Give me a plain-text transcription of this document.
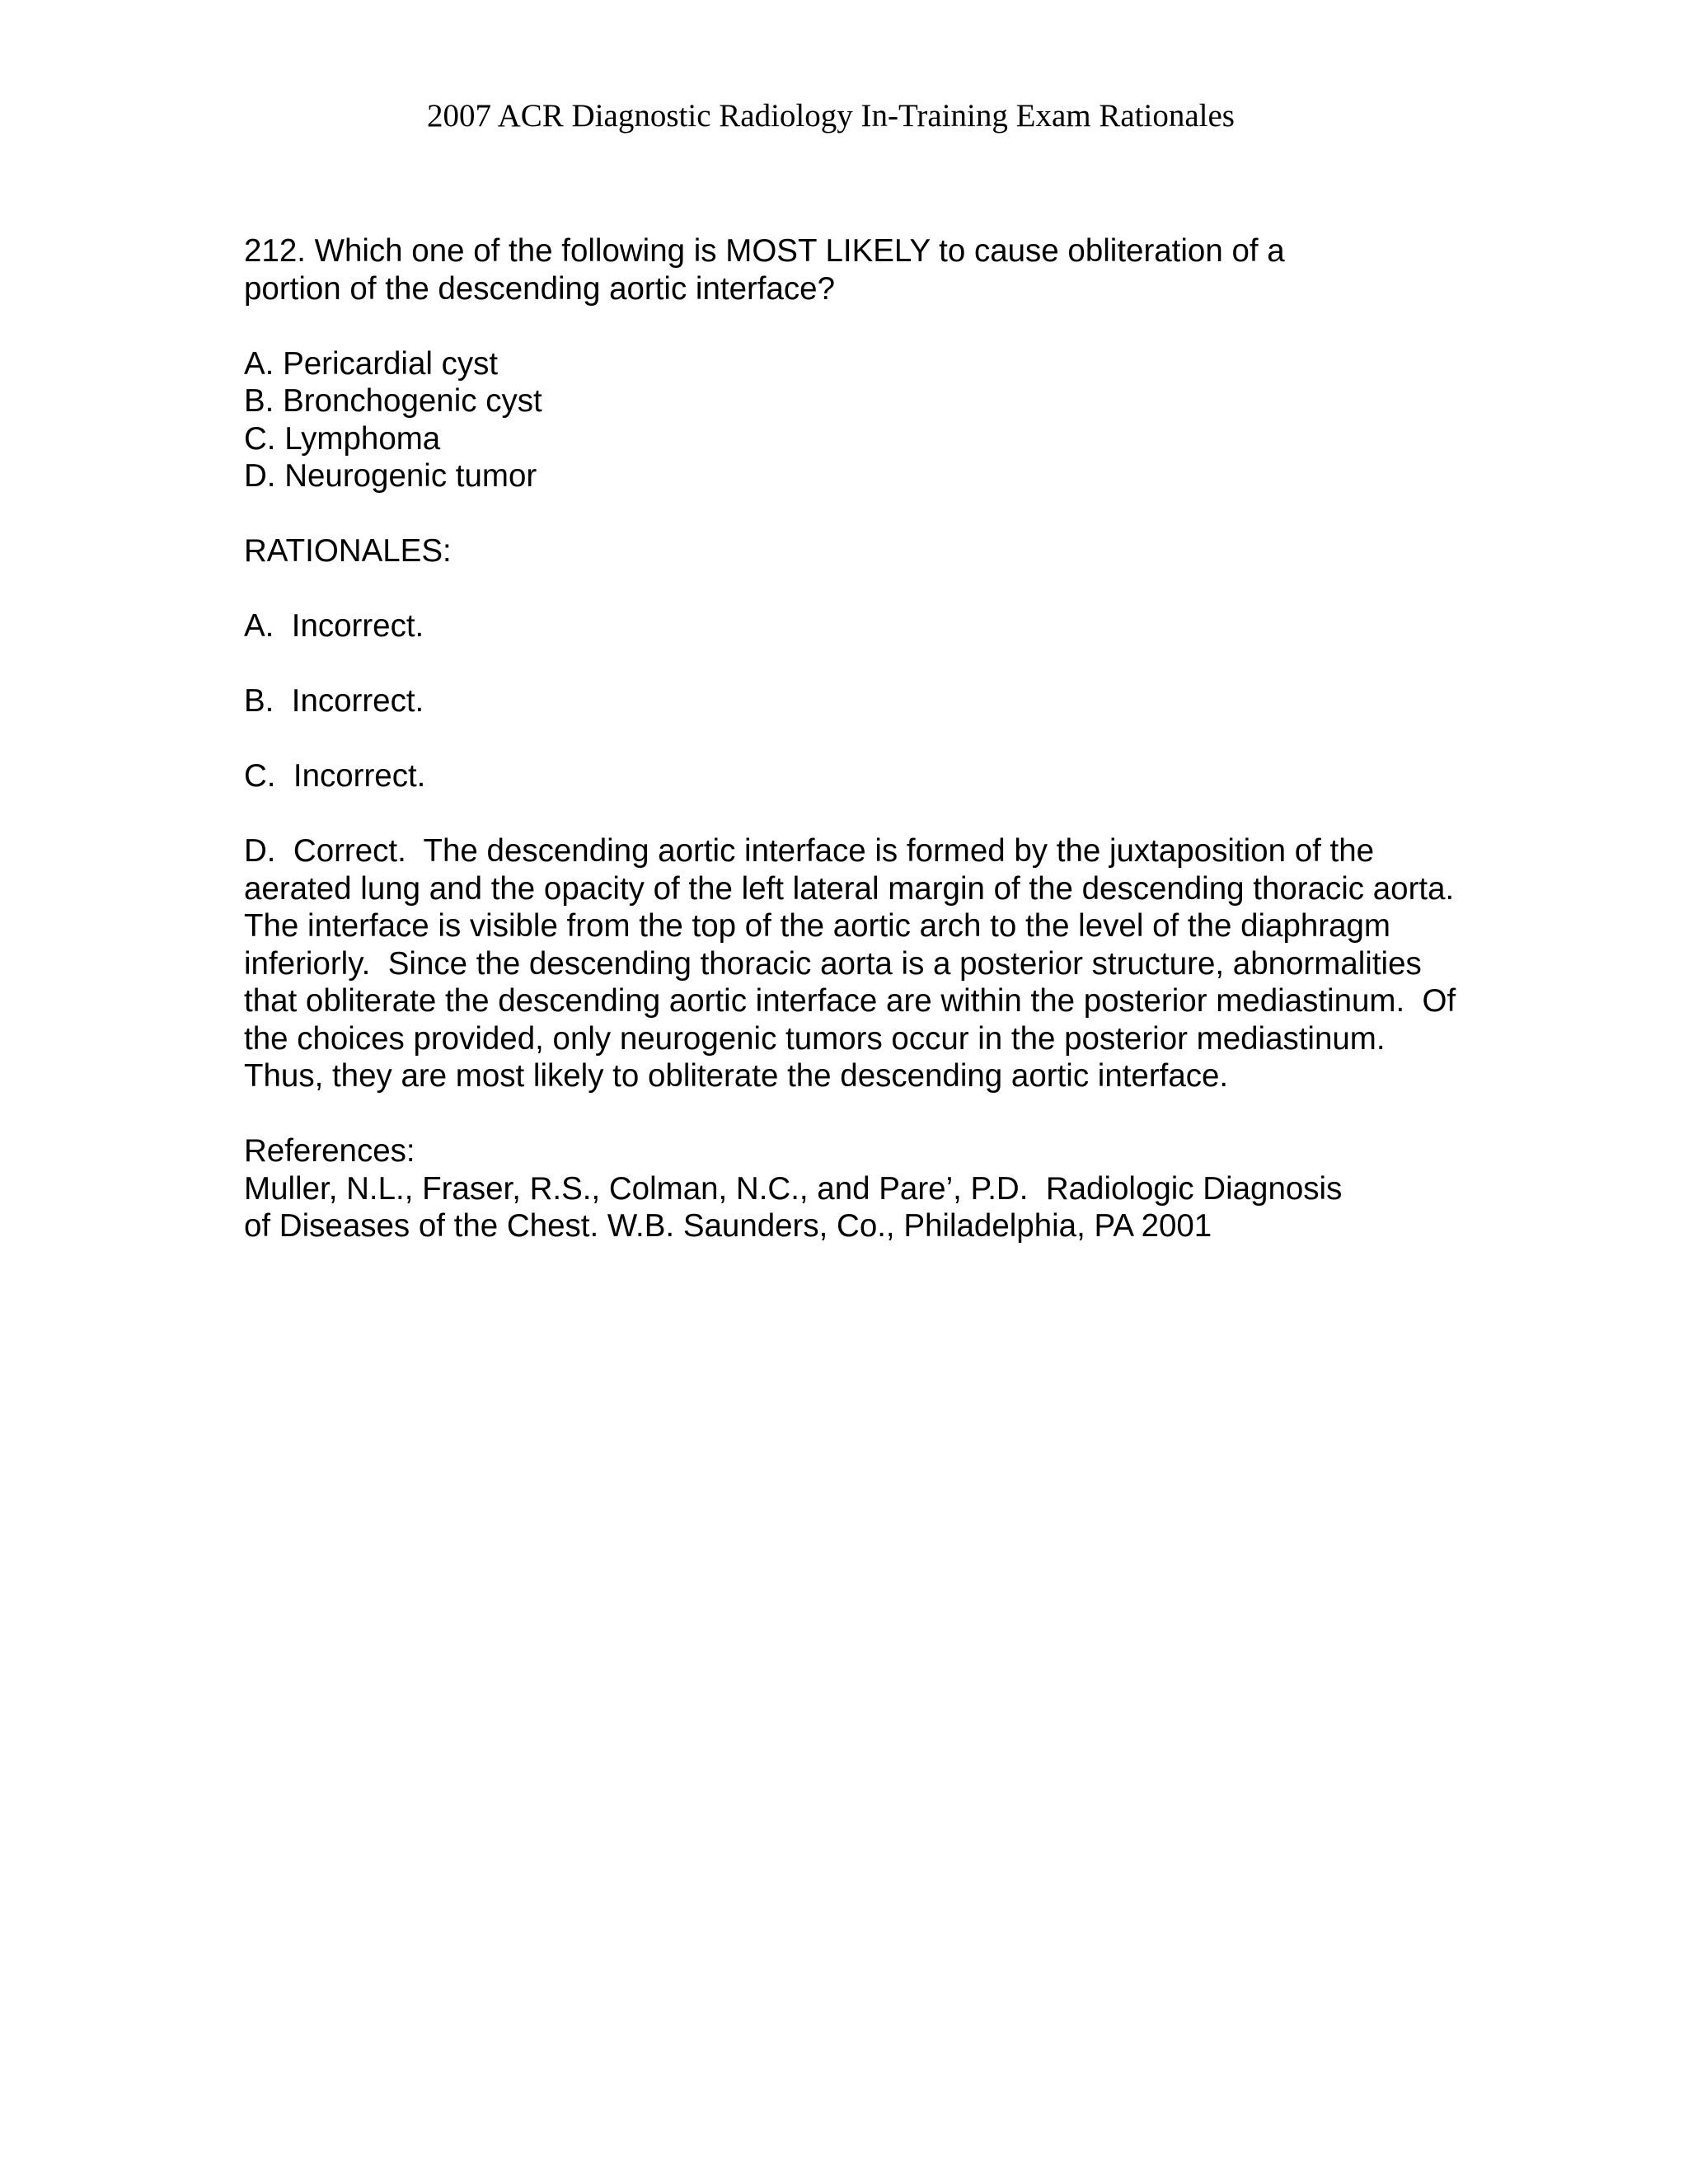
2007 ACR Diagnostic Radiology In-Training Exam Rationales
212. Which one of the following is MOST LIKELY to cause obliteration of a
portion of the descending aortic interface?
A. Pericardial cyst
B. Bronchogenic cyst
C. Lymphoma
D. Neurogenic tumor
RATIONALES:
A.  Incorrect.
B.  Incorrect.
C.  Incorrect.
D.  Correct.  The descending aortic interface is formed by the juxtaposition of the
aerated lung and the opacity of the left lateral margin of the descending thoracic aorta.
The interface is visible from the top of the aortic arch to the level of the diaphragm
inferiorly.  Since the descending thoracic aorta is a posterior structure, abnormalities
that obliterate the descending aortic interface are within the posterior mediastinum.  Of
the choices provided, only neurogenic tumors occur in the posterior mediastinum.
Thus, they are most likely to obliterate the descending aortic interface.
References:
Muller, N.L., Fraser, R.S., Colman, N.C., and Pare’, P.D.  Radiologic Diagnosis
of Diseases of the Chest. W.B. Saunders, Co., Philadelphia, PA 2001
